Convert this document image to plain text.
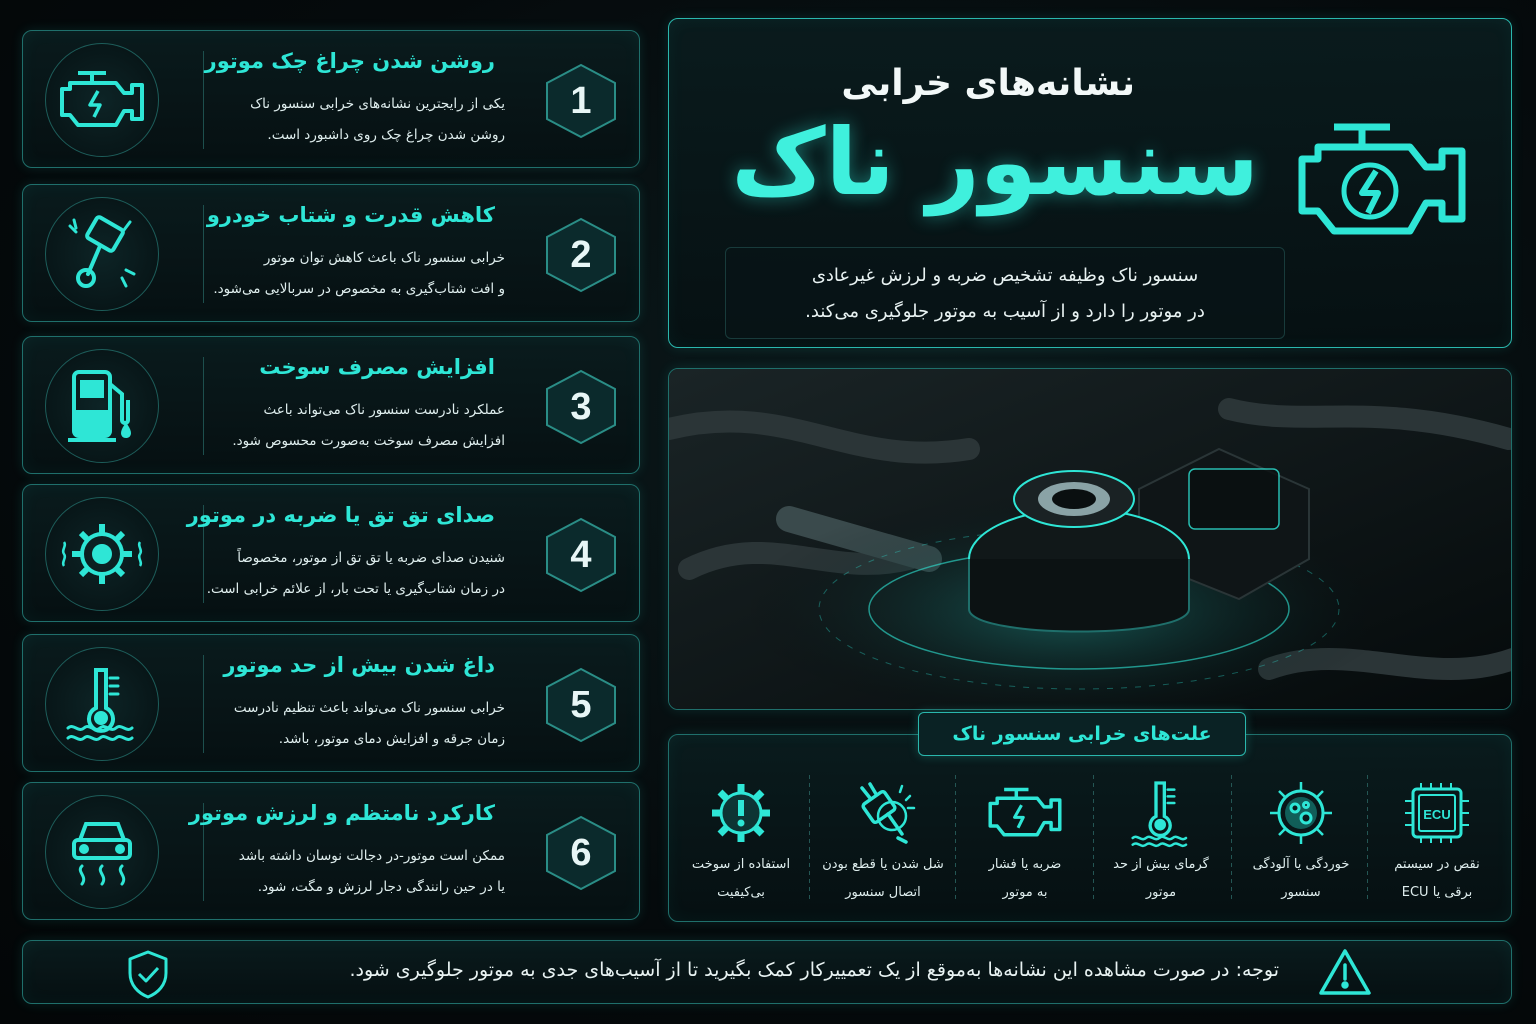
روشن شدن چراغ چک موتور
یکی از رایجترین نشانه‌های خرابی سنسور ناک
روشن شدن چراغ چک روی داشبورد است.
1
کاهش قدرت و شتاب خودرو
خرابی سنسور ناک باعث کاهش توان موتور
و افت شتاب‌گیری به مخصوص در سربالایی می‌شود.
2
افزایش مصرف سوخت
عملکرد نادرست سنسور ناک می‌تواند باعث
افزایش مصرف سوخت به‌صورت محسوص شود.
3
صدای تق تق یا ضربه در موتور
شنیدن صدای ضربه یا تق تق از موتور، مخصوصاً
در زمان شتاب‌گیری یا تحت بار، از علائم خرابی است.
4
داغ شدن بیش از حد موتور
خرابی سنسور ناک می‌تواند باعث تنظیم نادرست
زمان جرقه و افزایش دمای موتور، باشد.
5
کارکرد نامتظم و لرزش موتور
ممکن است موتور-در دجالت نوسان داشته باشد
یا در حین رانندگی دجار لرزش و مگت، شود.
6
نشانه‌های خرابی
سنسور ناک
سنسور ناک وظیفه تشخیص ضربه و لرزش غیرعادی
در موتور را دارد و از آسیب به موتور جلوگیری می‌کند.
ECU
نقص در سیستم
برقی یا ECU
خوردگی یا آلودگی
سنسور
گرمای بیش از حد
موتور
ضربه یا فشار
به موتور
شل شدن یا قطع بودن
اتصال سنسور
استفاده از سوخت
بی‌کیفیت
علت‌های خرابی سنسور ناک
توجه: در صورت مشاهده این نشانه‌ها به‌موقع از یک تعمییرکار کمک بگیرید تا از آسیب‌های جدی به موتور جلوگیری شود.
